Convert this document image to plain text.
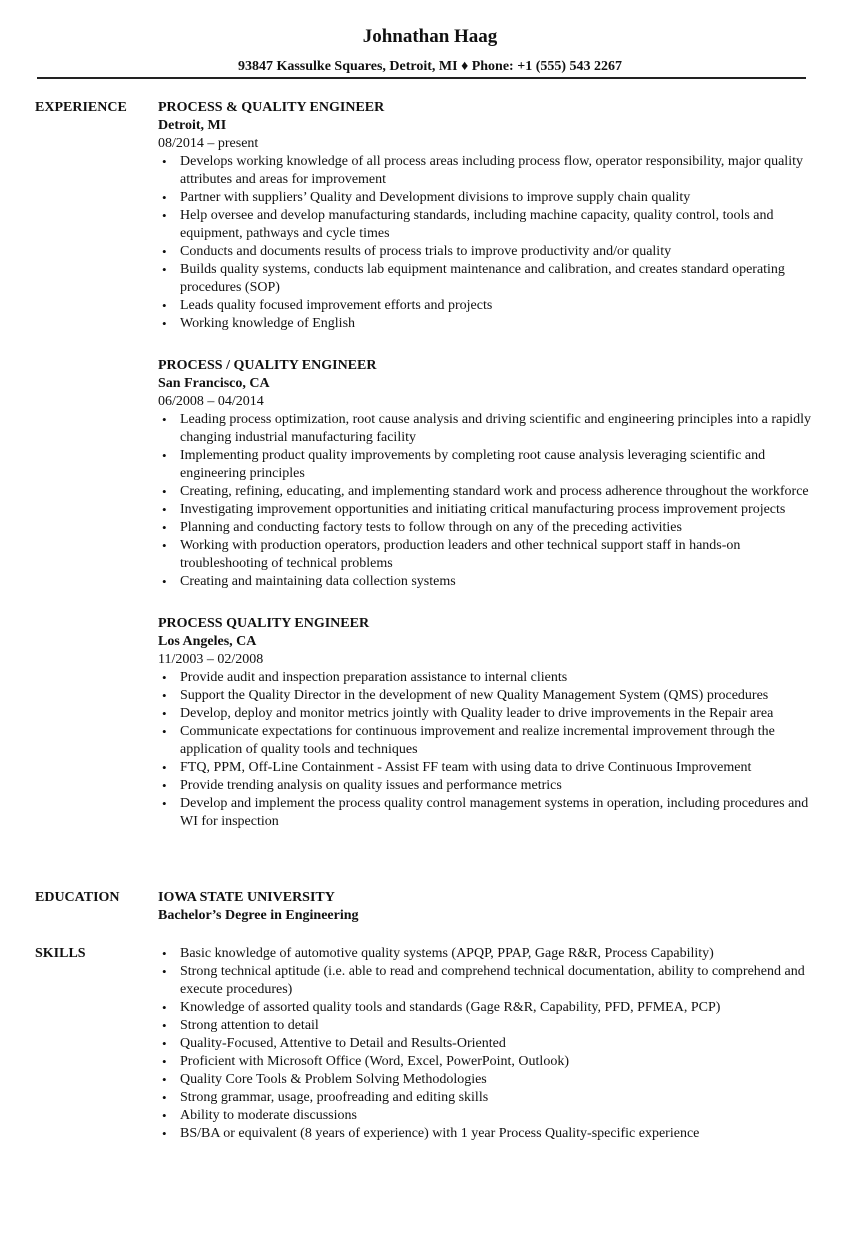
Johnathan Haag
93847 Kassulke Squares, Detroit, MI ♦ Phone: +1 (555) 543 2267
EXPERIENCE PROCESS & QUALITY ENGINEER
Detroit, MI
08/2014 – present
• Develops working knowledge of all process areas including process flow, operator responsibility, major quality attributes and areas for improvement
• Partner with suppliers’ Quality and Development divisions to improve supply chain quality
• Help oversee and develop manufacturing standards, including machine capacity, quality control, tools and equipment, pathways and cycle times
• Conducts and documents results of process trials to improve productivity and/or quality
• Builds quality systems, conducts lab equipment maintenance and calibration, and creates standard operating procedures (SOP)
• Leads quality focused improvement efforts and projects
• Working knowledge of English
PROCESS / QUALITY ENGINEER
San Francisco, CA
06/2008 – 04/2014
• Leading process optimization, root cause analysis and driving scientific and engineering principles into a rapidly changing industrial manufacturing facility
• Implementing product quality improvements by completing root cause analysis leveraging scientific and engineering principles
• Creating, refining, educating, and implementing standard work and process adherence throughout the workforce
• Investigating improvement opportunities and initiating critical manufacturing process improvement projects
• Planning and conducting factory tests to follow through on any of the preceding activities
• Working with production operators, production leaders and other technical support staff in hands-on troubleshooting of technical problems
• Creating and maintaining data collection systems
PROCESS QUALITY ENGINEER
Los Angeles, CA
11/2003 – 02/2008
• Provide audit and inspection preparation assistance to internal clients
• Support the Quality Director in the development of new Quality Management System (QMS) procedures
• Develop, deploy and monitor metrics jointly with Quality leader to drive improvements in the Repair area
• Communicate expectations for continuous improvement and realize incremental improvement through the application of quality tools and techniques
• FTQ, PPM, Off-Line Containment - Assist FF team with using data to drive Continuous Improvement
• Provide trending analysis on quality issues and performance metrics
• Develop and implement the process quality control management systems in operation, including procedures and WI for inspection
EDUCATION	IOWA STATE UNIVERSITY
Bachelor’s Degree in Engineering
SKILLS	• Basic knowledge of automotive quality systems (APQP, PPAP, Gage R&R, Process Capability)
• Strong technical aptitude (i.e. able to read and comprehend technical documentation, ability to comprehend and execute procedures)
• Knowledge of assorted quality tools and standards (Gage R&R, Capability, PFD, PFMEA, PCP)
• Strong attention to detail
• Quality-Focused, Attentive to Detail and Results-Oriented
• Proficient with Microsoft Office (Word, Excel, PowerPoint, Outlook)
• Quality Core Tools & Problem Solving Methodologies
• Strong grammar, usage, proofreading and editing skills
• Ability to moderate discussions
• BS/BA or equivalent (8 years of experience) with 1 year Process Quality-specific experience
